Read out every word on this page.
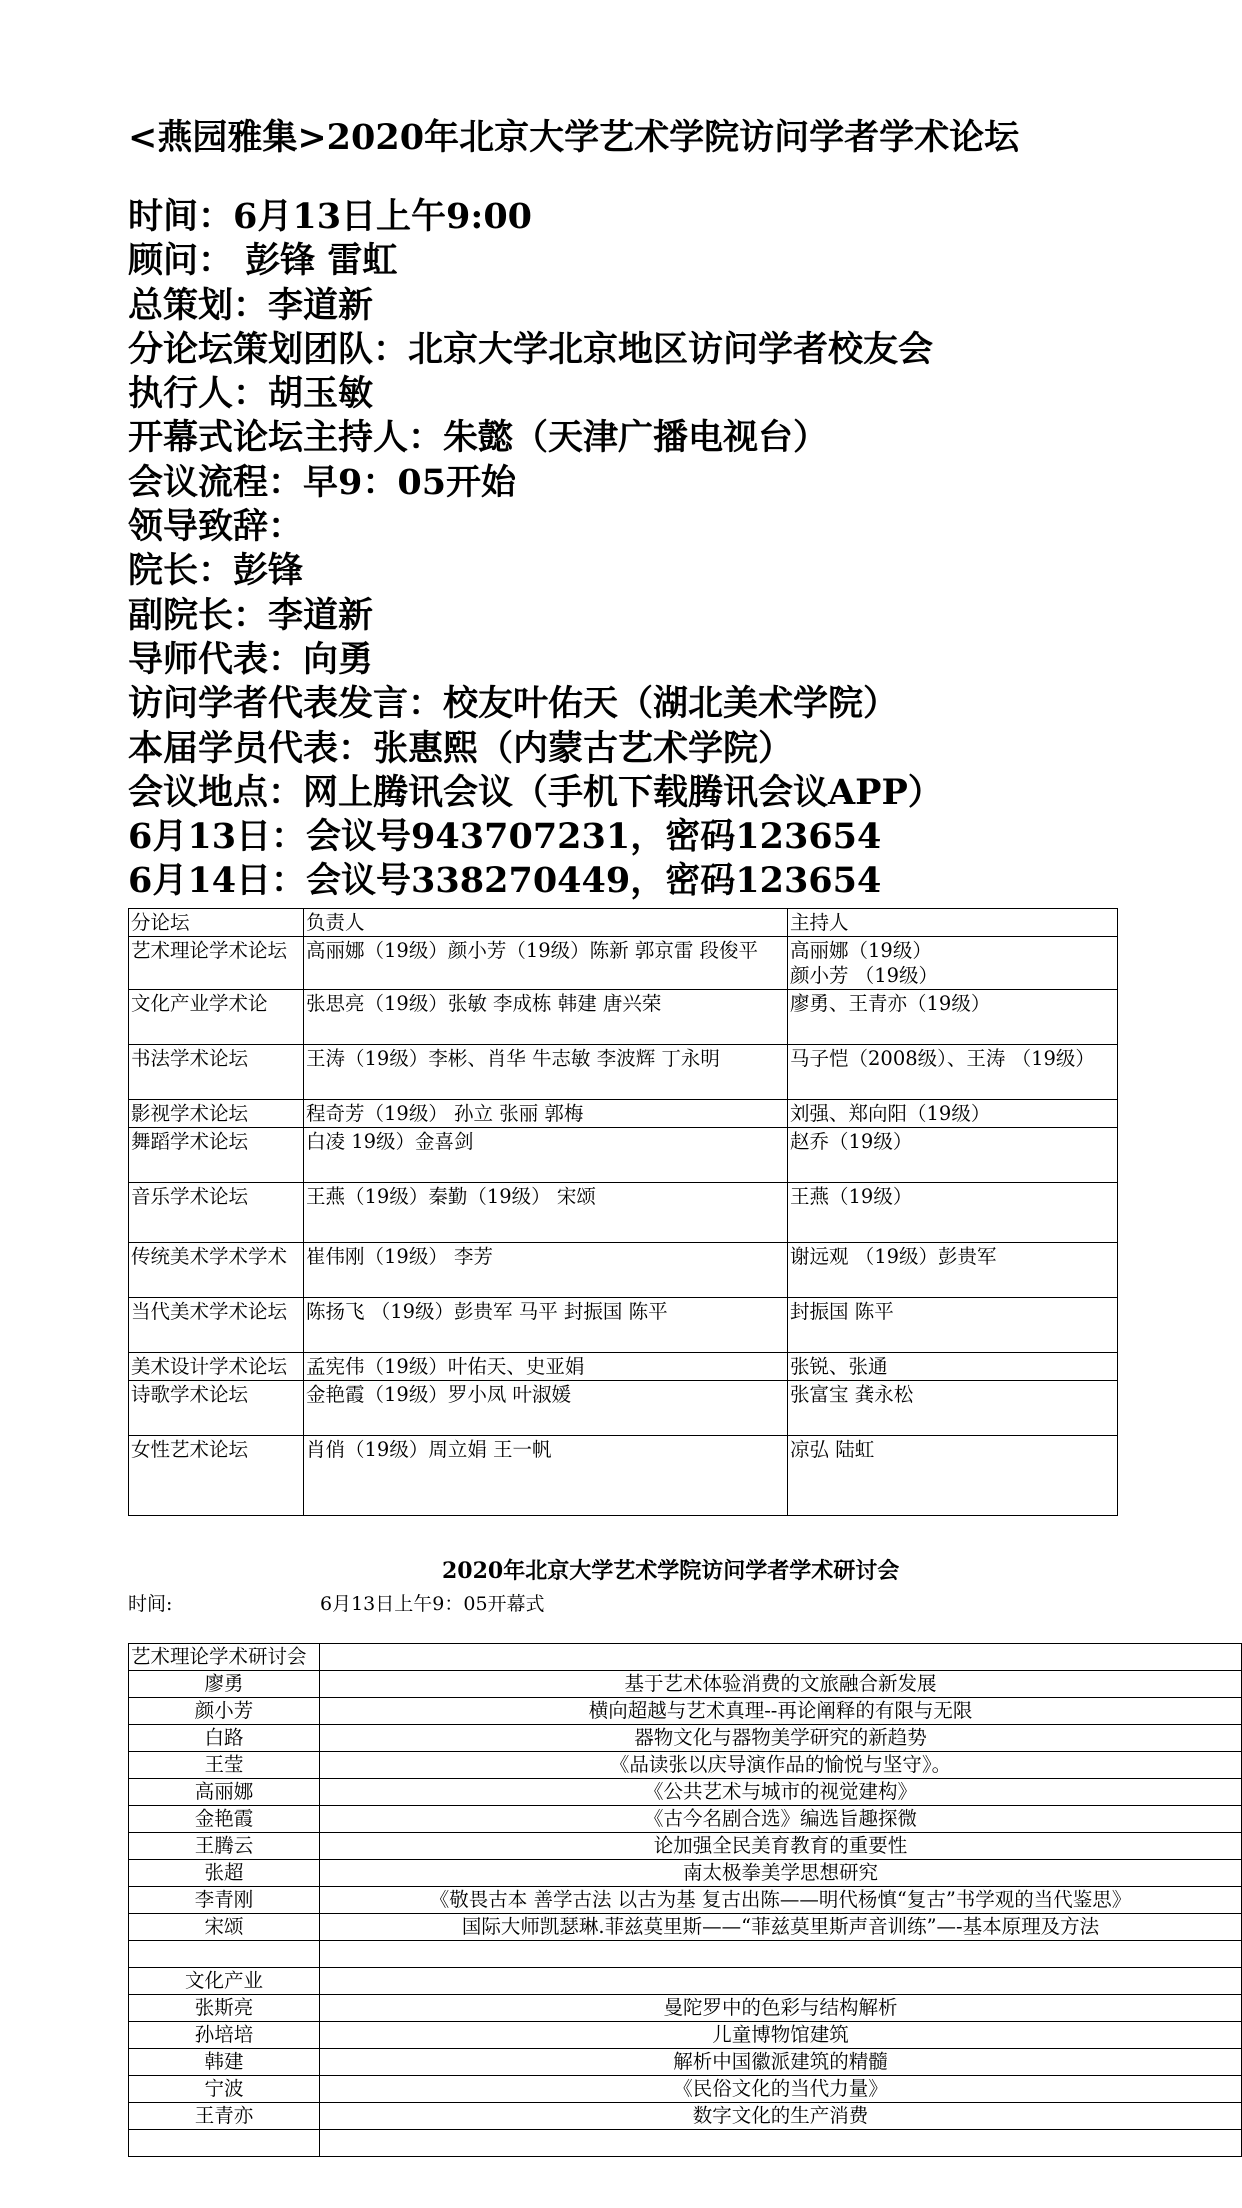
<燕园雅集>2020年北京大学艺术学院访问学者学术论坛
时间：6月13日上午9:00
顾问： 彭锋 雷虹
总策划：李道新
分论坛策划团队：北京大学北京地区访问学者校友会
执行人：胡玉敏
开幕式论坛主持人：朱懿（天津广播电视台）
会议流程：早9：05开始
领导致辞：
院长：彭锋
副院长：李道新
导师代表：向勇
访问学者代表发言：校友叶佑天（湖北美术学院）
本届学员代表：张惠熙（内蒙古艺术学院）
会议地点：网上腾讯会议（手机下载腾讯会议APP）
6月13日：会议号943707231，密码123654
6月14日：会议号338270449，密码123654
分论坛	负责人	主持人
艺术理论学术论坛	高丽娜（19级）颜小芳（19级）陈新 郭京雷 段俊平	高丽娜（19级）
颜小芳 （19级）

文化产业学术论	张思亮（19级）张敏 李成栋 韩建 唐兴荣	廖勇、王青亦（19级）

书法学术论坛	王涛（19级）李彬、肖华 牛志敏 李波辉 丁永明	马子恺（2008级）、王涛 （19级）

影视学术论坛	程奇芳（19级） 孙立 张丽 郭梅	刘强、郑向阳（19级）

舞蹈学术论坛	白凌 19级）金喜剑	赵乔（19级）

音乐学术论坛	王燕（19级）秦勤（19级） 宋颂	王燕（19级）

传统美术学术学术	崔伟刚（19级） 李芳	谢远观 （19级）彭贵军

当代美术学术论坛	陈扬飞 （19级）彭贵军 马平 封振国 陈平	封振国 陈平

美术设计学术论坛	孟宪伟（19级）叶佑天、史亚娟	张锐、张通

诗歌学术论坛	金艳霞（19级）罗小凤 叶淑媛	张富宝 龚永松

女性艺术论坛	肖俏（19级）周立娟 王一帆	凉弘 陆虹
2020年北京大学艺术学院访问学者学术研讨会
时间:	6月13日上午9：05开幕式
艺术理论学术研讨会	
廖勇	基于艺术体验消费的文旅融合新发展
颜小芳	横向超越与艺术真理--再论阐释的有限与无限
白路	器物文化与器物美学研究的新趋势
王莹	《品读张以庆导演作品的愉悦与坚守》。
高丽娜	《公共艺术与城市的视觉建构》
金艳霞	《古今名剧合选》编选旨趣探微
王腾云	论加强全民美育教育的重要性
张超	南太极拳美学思想研究
李青刚	《敬畏古本 善学古法 以古为基 复古出陈——明代杨慎“复古”书学观的当代鉴思》
宋颂	国际大师凯瑟琳.菲兹莫里斯——“菲兹莫里斯声音训练”—-基本原理及方法

文化产业	
张斯亮	曼陀罗中的色彩与结构解析
孙培培	儿童博物馆建筑
韩建	解析中国徽派建筑的精髓
宁波	《民俗文化的当代力量》
王青亦	数字文化的生产消费
